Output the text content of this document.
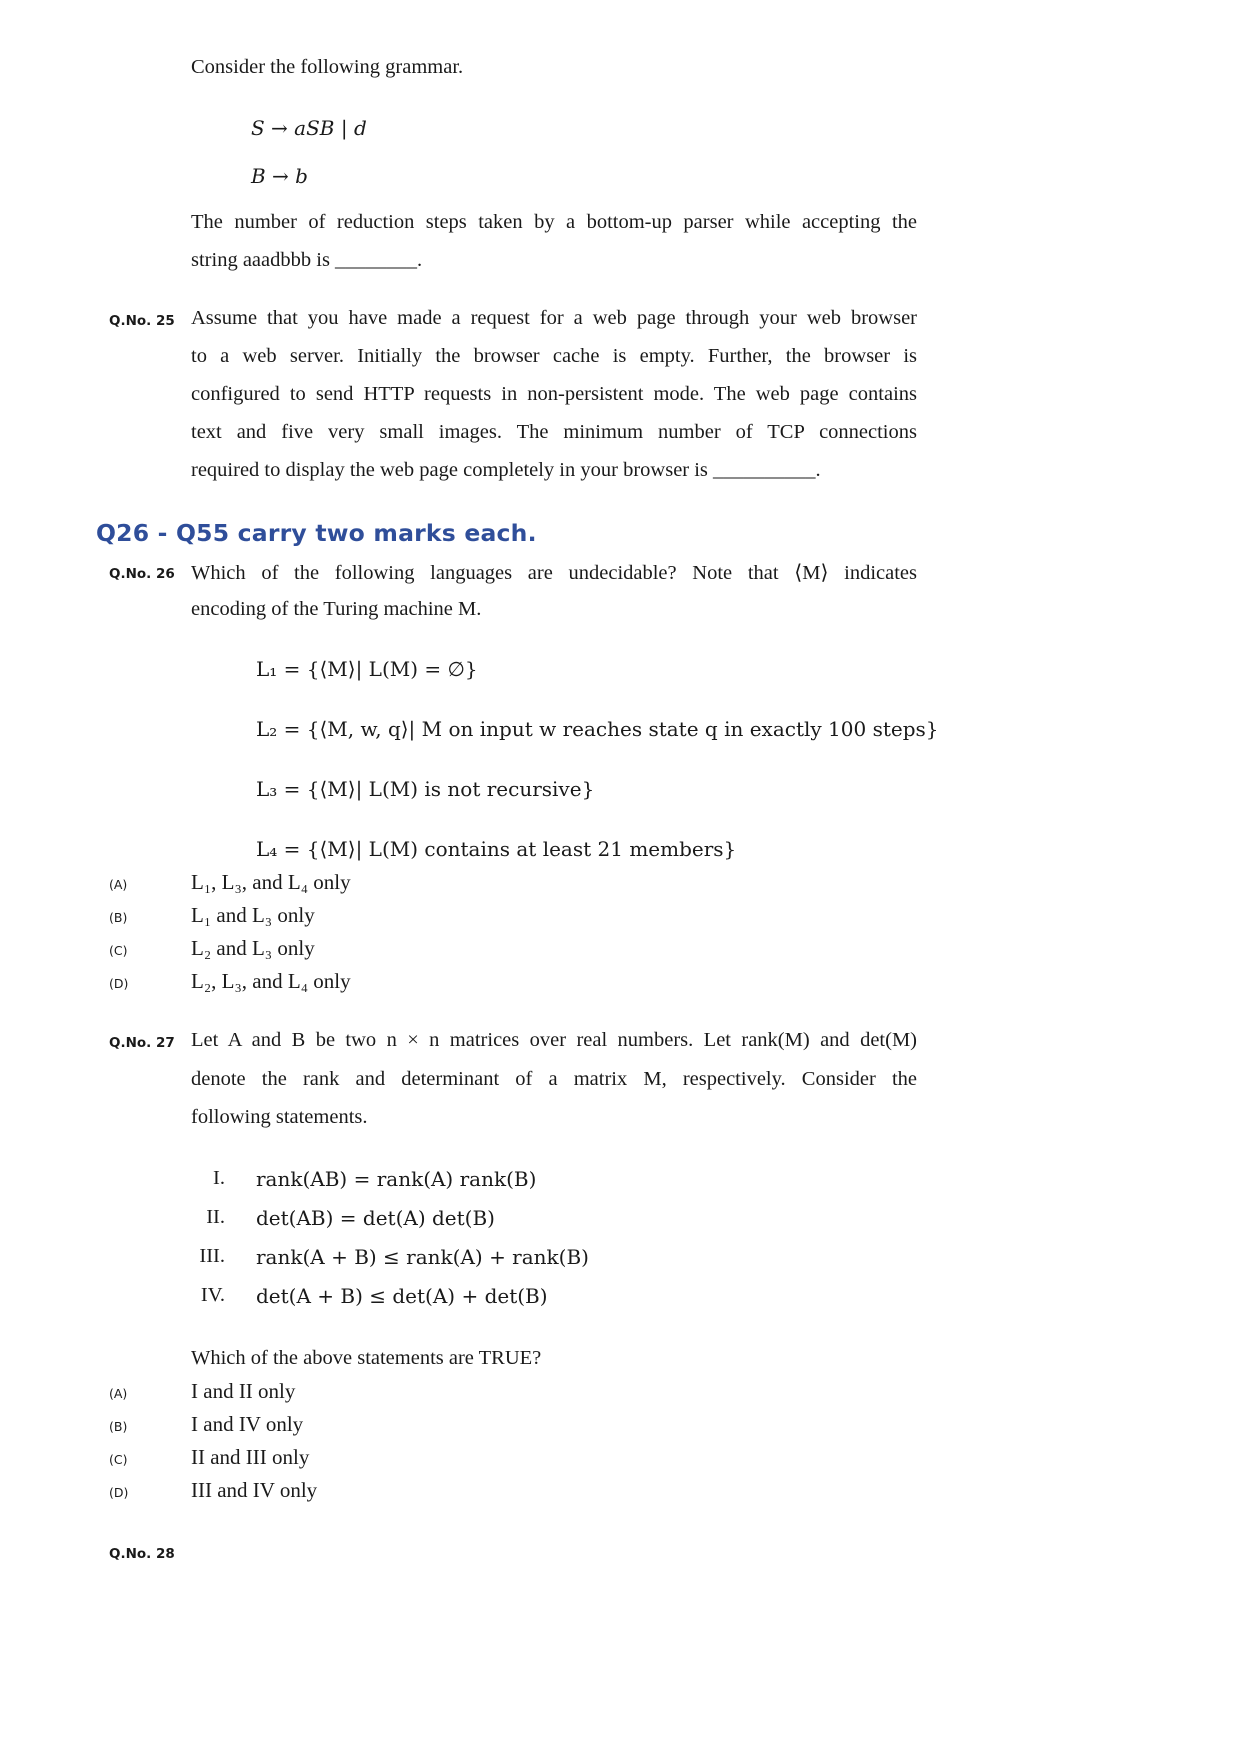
Consider the following grammar.
S → aSB | d
B → b
The number of reduction steps taken by a bottom-up parser while accepting the
string aaadbbb is ________.
Q.No. 25 Assume that you have made a request for a web page through your web browser
to a web server. Initially the browser cache is empty. Further, the browser is
configured to send HTTP requests in non-persistent mode. The web page contains
text and five very small images. The minimum number of TCP connections
required to display the web page completely in your browser is __________.
Q26 - Q55 carry two marks each.
Q.No. 26 Which of the following languages are undecidable? Note that ⟨M⟩ indicates
encoding of the Turing machine M.
L₁ = {⟨M⟩| L(M) = ∅}
L₂ = {⟨M, w, q⟩| M on input w reaches state q in exactly 100 steps}
L₃ = {⟨M⟩| L(M) is not recursive}
L₄ = {⟨M⟩| L(M) contains at least 21 members}
(A)	L₁, L₃, and L₄ only
(B)	L₁ and L₃ only
(C)	L₂ and L₃ only
(D)	L₂, L₃, and L₄ only
Q.No. 27 Let A and B be two n × n matrices over real numbers. Let rank(M) and det(M)
denote the rank and determinant of a matrix M, respectively. Consider the
following statements.
I. rank(AB) = rank(A) rank(B)
II. det(AB) = det(A) det(B)
III. rank(A + B) ≤ rank(A) + rank(B)
IV. det(A + B) ≤ det(A) + det(B)
Which of the above statements are TRUE?
(A)	I and II only
(B)	I and IV only
(C)	II and III only
(D)	III and IV only
Q.No. 28
